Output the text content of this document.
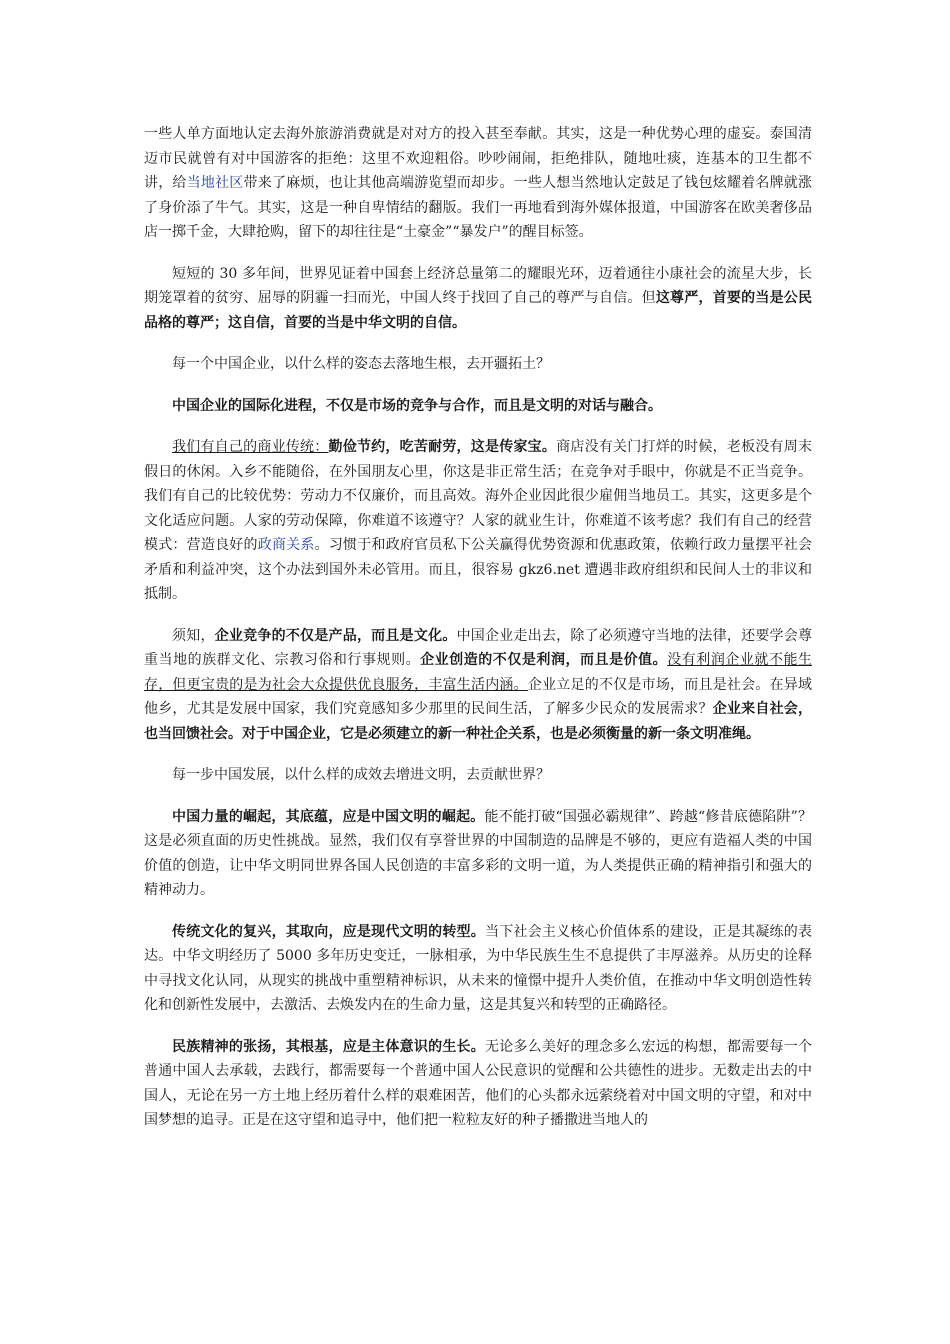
一些人单方面地认定去海外旅游消费就是对对方的投入甚至奉献。其实，这是一种优势心理的虚妄。泰国清迈市民就曾有对中国游客的拒绝：这里不欢迎粗俗。吵吵闹闹，拒绝排队，随地吐痰，连基本的卫生都不讲，给当地社区带来了麻烦，也让其他高端游览望而却步。一些人想当然地认定鼓足了钱包炫耀着名牌就涨了身价添了牛气。其实，这是一种自卑情结的翻版。我们一再地看到海外媒体报道，中国游客在欧美奢侈品店一掷千金，大肆抢购，留下的却往往是“土豪金”“暴发户”的醒目标签。

短短的 30 多年间，世界见证着中国套上经济总量第二的耀眼光环，迈着通往小康社会的流星大步，长期笼罩着的贫穷、屈辱的阴霾一扫而光，中国人终于找回了自己的尊严与自信。但这尊严，首要的当是公民品格的尊严；这自信，首要的当是中华文明的自信。

每一个中国企业，以什么样的姿态去落地生根，去开疆拓土？

中国企业的国际化进程，不仅是市场的竞争与合作，而且是文明的对话与融合。

我们有自己的商业传统：勤俭节约，吃苦耐劳，这是传家宝。商店没有关门打烊的时候，老板没有周末假日的休闲。入乡不能随俗，在外国朋友心里，你这是非正常生活；在竞争对手眼中，你就是不正当竞争。我们有自己的比较优势：劳动力不仅廉价，而且高效。海外企业因此很少雇佣当地员工。其实，这更多是个文化适应问题。人家的劳动保障，你难道不该遵守？人家的就业生计，你难道不该考虑？我们有自己的经营模式：营造良好的政商关系。习惯于和政府官员私下公关赢得优势资源和优惠政策，依赖行政力量摆平社会矛盾和利益冲突，这个办法到国外未必管用。而且，很容易 gkz6.net 遭遇非政府组织和民间人士的非议和抵制。

须知，企业竞争的不仅是产品，而且是文化。中国企业走出去，除了必须遵守当地的法律，还要学会尊重当地的族群文化、宗教习俗和行事规则。企业创造的不仅是利润，而且是价值。没有利润企业就不能生存，但更宝贵的是为社会大众提供优良服务，丰富生活内涵。企业立足的不仅是市场，而且是社会。在异域他乡，尤其是发展中国家，我们究竟感知多少那里的民间生活，了解多少民众的发展需求？企业来自社会，也当回馈社会。对于中国企业，它是必须建立的新一种社企关系，也是必须衡量的新一条文明准绳。

每一步中国发展，以什么样的成效去增进文明，去贡献世界？

中国力量的崛起，其底蕴，应是中国文明的崛起。能不能打破“国强必霸规律”、跨越“修昔底德陷阱”？这是必须直面的历史性挑战。显然，我们仅有享誉世界的中国制造的品牌是不够的，更应有造福人类的中国价值的创造，让中华文明同世界各国人民创造的丰富多彩的文明一道，为人类提供正确的精神指引和强大的精神动力。

传统文化的复兴，其取向，应是现代文明的转型。当下社会主义核心价值体系的建设，正是其凝练的表达。中华文明经历了 5000 多年历史变迁，一脉相承，为中华民族生生不息提供了丰厚滋养。从历史的诠释中寻找文化认同，从现实的挑战中重塑精神标识，从未来的憧憬中提升人类价值，在推动中华文明创造性转化和创新性发展中，去激活、去焕发内在的生命力量，这是其复兴和转型的正确路径。

民族精神的张扬，其根基，应是主体意识的生长。无论多么美好的理念多么宏远的构想，都需要每一个普通中国人去承载，去践行，都需要每一个普通中国人公民意识的觉醒和公共德性的进步。无数走出去的中国人，无论在另一方土地上经历着什么样的艰难困苦，他们的心头都永远萦绕着对中国文明的守望，和对中国梦想的追寻。正是在这守望和追寻中，他们把一粒粒友好的种子播撒进当地人的
